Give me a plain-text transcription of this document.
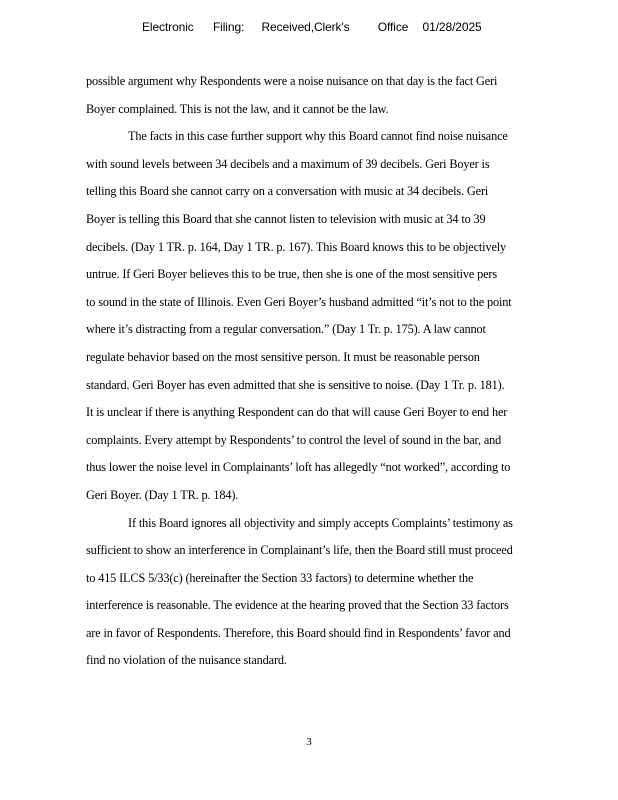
Electronic Filing: Received,Clerk's Office 01/28/2025
possible argument why Respondents were a noise nuisance on that day is the fact Geri
Boyer complained. This is not the law, and it cannot be the law.
The facts in this case further support why this Board cannot find noise nuisance
with sound levels between 34 decibels and a maximum of 39 decibels. Geri Boyer is
telling this Board she cannot carry on a conversation with music at 34 decibels. Geri
Boyer is telling this Board that she cannot listen to television with music at 34 to 39
decibels. (Day 1 TR. p. 164, Day 1 TR. p. 167). This Board knows this to be objectively
untrue. If Geri Boyer believes this to be true, then she is one of the most sensitive pers
to sound in the state of Illinois. Even Geri Boyer’s husband admitted “it’s not to the point
where it’s distracting from a regular conversation.” (Day 1 Tr. p. 175). A law cannot
regulate behavior based on the most sensitive person. It must be reasonable person
standard. Geri Boyer has even admitted that she is sensitive to noise. (Day 1 Tr. p. 181).
It is unclear if there is anything Respondent can do that will cause Geri Boyer to end her
complaints. Every attempt by Respondents’ to control the level of sound in the bar, and
thus lower the noise level in Complainants’ loft has allegedly “not worked”, according to
Geri Boyer. (Day 1 TR. p. 184).
If this Board ignores all objectivity and simply accepts Complaints’ testimony as
sufficient to show an interference in Complainant’s life, then the Board still must proceed
to 415 ILCS 5/33(c) (hereinafter the Section 33 factors) to determine whether the
interference is reasonable. The evidence at the hearing proved that the Section 33 factors
are in favor of Respondents. Therefore, this Board should find in Respondents’ favor and
find no violation of the nuisance standard.
3
